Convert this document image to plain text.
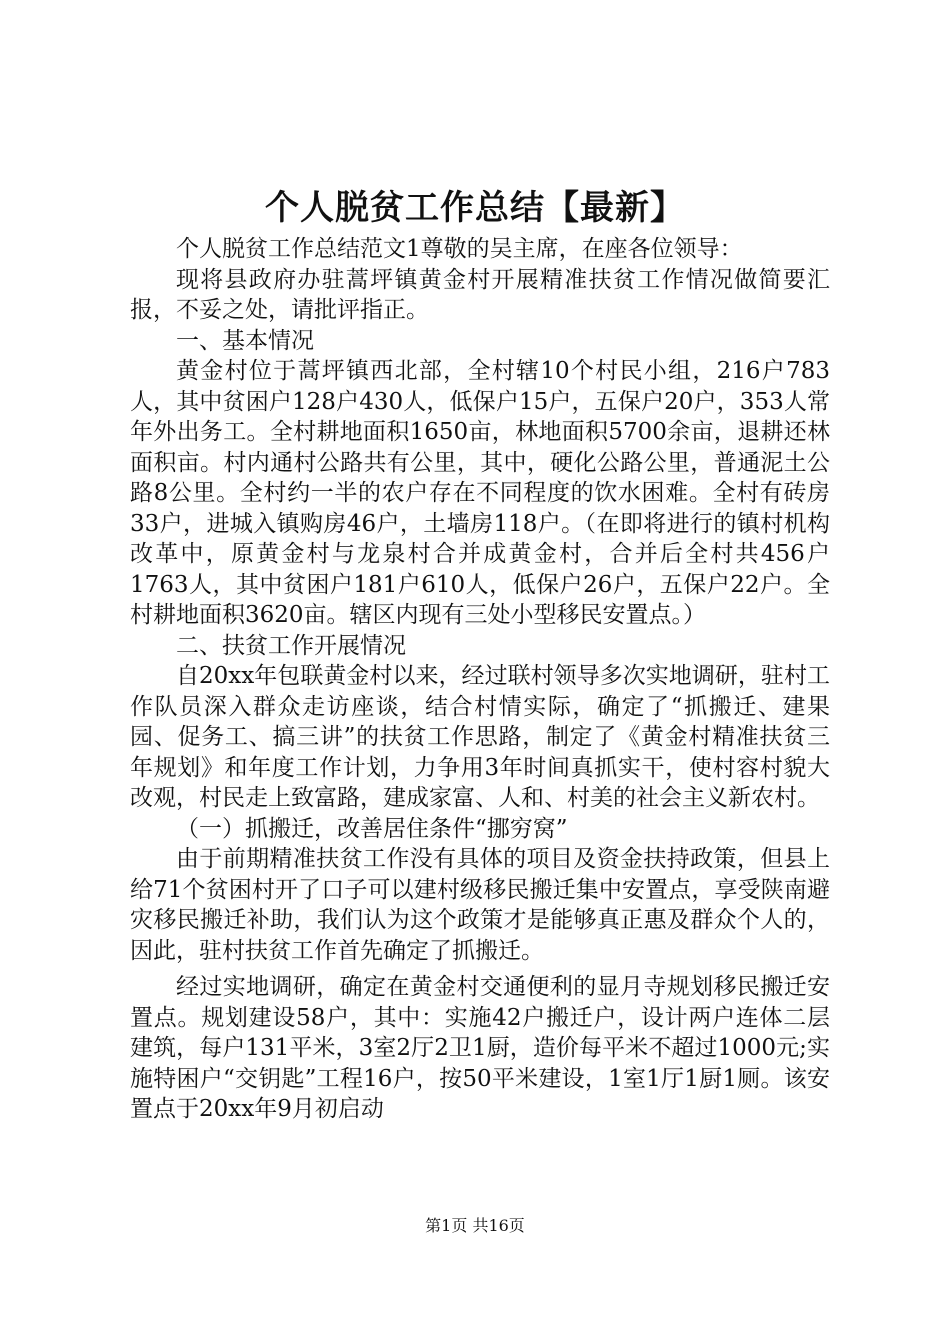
个人脱贫工作总结【最新】

个人脱贫工作总结范文1尊敬的吴主席，在座各位领导：

现将县政府办驻蒿坪镇黄金村开展精准扶贫工作情况做简要汇报，不妥之处，请批评指正。

一、基本情况

黄金村位于蒿坪镇西北部，全村辖10个村民小组，216户783人，其中贫困户128户430人，低保户15户，五保户20户，353人常年外出务工。全村耕地面积1650亩，林地面积5700余亩，退耕还林面积亩。村内通村公路共有公里，其中，硬化公路公里，普通泥土公路8公里。全村约一半的农户存在不同程度的饮水困难。全村有砖房33户，进城入镇购房46户，土墙房118户。（在即将进行的镇村机构改革中，原黄金村与龙泉村合并成黄金村，合并后全村共456户1763人，其中贫困户181户610人，低保户26户，五保户22户。全村耕地面积3620亩。辖区内现有三处小型移民安置点。）

二、扶贫工作开展情况

自20xx年包联黄金村以来，经过联村领导多次实地调研，驻村工作队员深入群众走访座谈，结合村情实际，确定了“抓搬迁、建果园、促务工、搞三讲”的扶贫工作思路，制定了《黄金村精准扶贫三年规划》和年度工作计划，力争用3年时间真抓实干，使村容村貌大改观，村民走上致富路，建成家富、人和、村美的社会主义新农村。

（一）抓搬迁，改善居住条件“挪穷窝”

由于前期精准扶贫工作没有具体的项目及资金扶持政策，但县上给71个贫困村开了口子可以建村级移民搬迁集中安置点，享受陕南避灾移民搬迁补助，我们认为这个政策才是能够真正惠及群众个人的，因此，驻村扶贫工作首先确定了抓搬迁。

经过实地调研，确定在黄金村交通便利的显月寺规划移民搬迁安置点。规划建设58户，其中：实施42户搬迁户，设计两户连体二层建筑，每户131平米，3室2厅2卫1厨，造价每平米不超过1000元;实施特困户“交钥匙”工程16户，按50平米建设，1室1厅1厨1厕。该安置点于20xx年9月初启动

第1页 共16页
